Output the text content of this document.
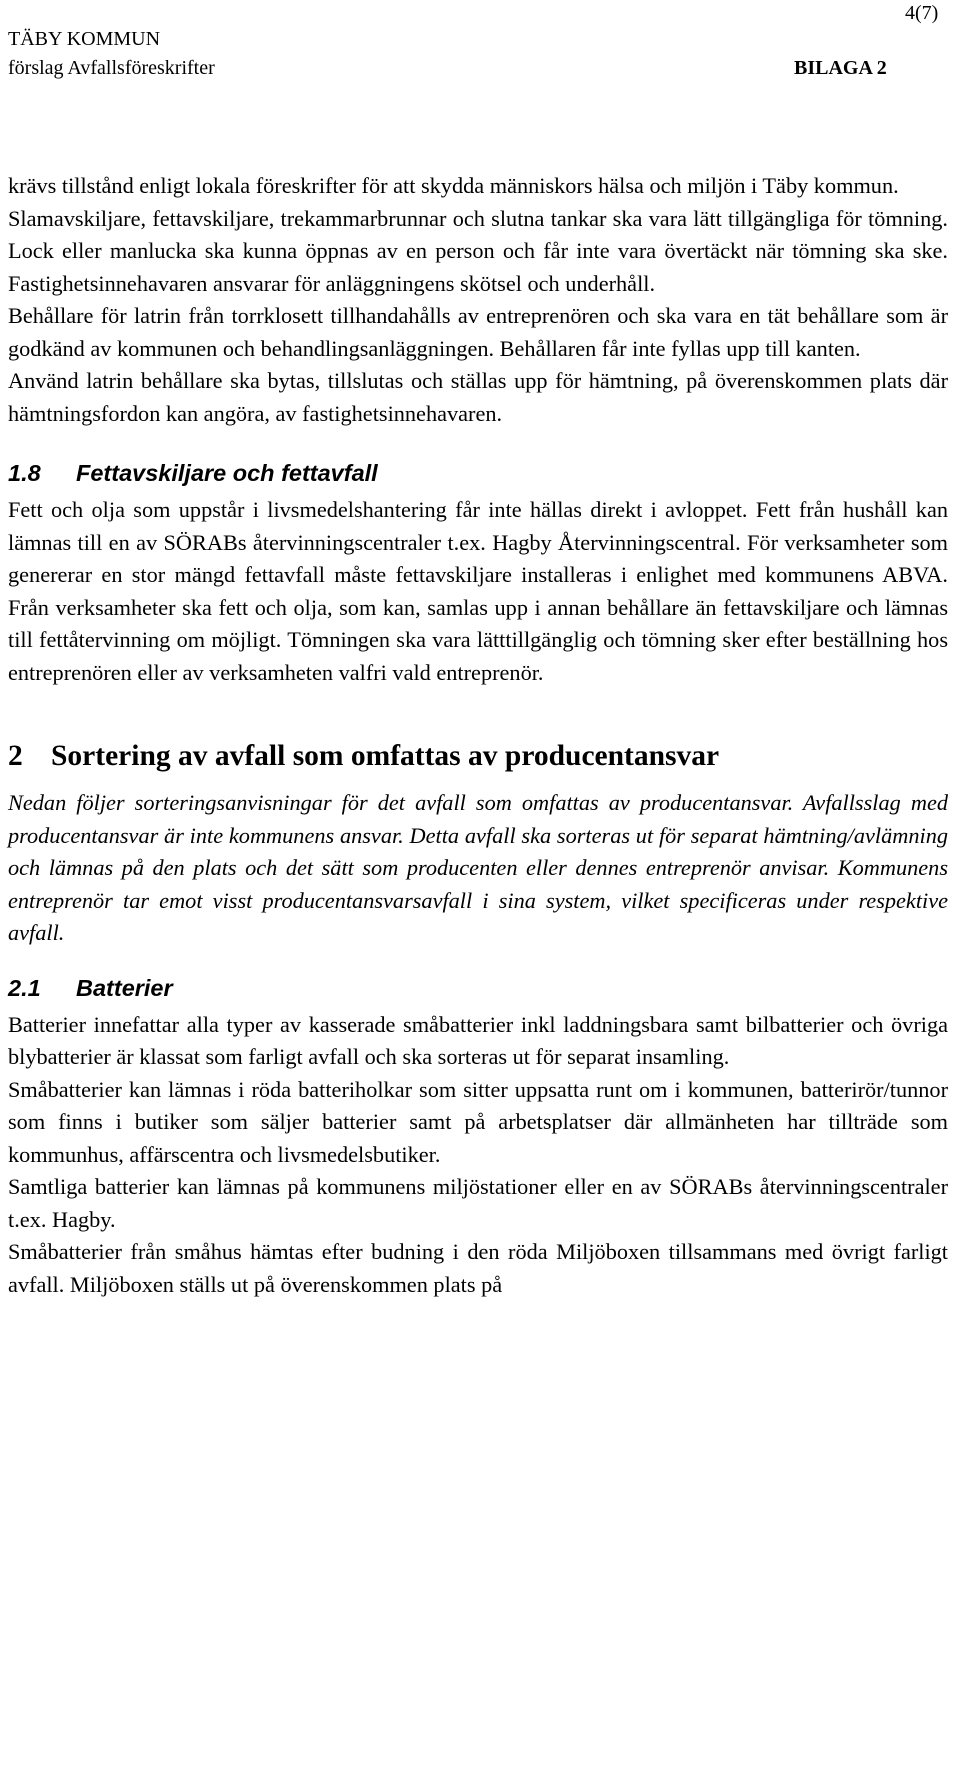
4(7)
TÄBY KOMMUN
förslag Avfallsföreskrifter	BILAGA 2

krävs tillstånd enligt lokala föreskrifter för att skydda människors hälsa och miljön i Täby kommun.

Slamavskiljare, fettavskiljare, trekammarbrunnar och slutna tankar ska vara lätt tillgängliga för tömning. Lock eller manlucka ska kunna öppnas av en person och får inte vara övertäckt när tömning ska ske. Fastighetsinnehavaren ansvarar för anläggningens skötsel och underhåll.

Behållare för latrin från torrklosett tillhandahålls av entreprenören och ska vara en tät behållare som är godkänd av kommunen och behandlingsanläggningen. Behållaren får inte fyllas upp till kanten.

Använd latrin behållare ska bytas, tillslutas och ställas upp för hämtning, på överenskommen plats där hämtningsfordon kan angöra, av fastighetsinnehavaren.

1.8 Fettavskiljare och fettavfall

Fett och olja som uppstår i livsmedelshantering får inte hällas direkt i avloppet. Fett från hushåll kan lämnas till en av SÖRABs återvinningscentraler t.ex. Hagby Återvinningscentral. För verksamheter som genererar en stor mängd fettavfall måste fettavskiljare installeras i enlighet med kommunens ABVA. Från verksamheter ska fett och olja, som kan, samlas upp i annan behållare än fettavskiljare och lämnas till fettåtervinning om möjligt. Tömningen ska vara lätttillgänglig och tömning sker efter beställning hos entreprenören eller av verksamheten valfri vald entreprenör.

2 Sortering av avfall som omfattas av producentansvar

Nedan följer sorteringsanvisningar för det avfall som omfattas av producentansvar. Avfallsslag med producentansvar är inte kommunens ansvar. Detta avfall ska sorteras ut för separat hämtning/avlämning och lämnas på den plats och det sätt som producenten eller dennes entreprenör anvisar. Kommunens entreprenör tar emot visst producentansvarsavfall i sina system, vilket specificeras under respektive avfall.

2.1 Batterier

Batterier innefattar alla typer av kasserade småbatterier inkl laddningsbara samt bilbatterier och övriga blybatterier är klassat som farligt avfall och ska sorteras ut för separat insamling.

Småbatterier kan lämnas i röda batteriholkar som sitter uppsatta runt om i kommunen, batterirör/tunnor som finns i butiker som säljer batterier samt på arbetsplatser där allmänheten har tillträde som kommunhus, affärscentra och livsmedelsbutiker.

Samtliga batterier kan lämnas på kommunens miljöstationer eller en av SÖRABs återvinningscentraler t.ex. Hagby.

Småbatterier från småhus hämtas efter budning i den röda Miljöboxen tillsammans med övrigt farligt avfall. Miljöboxen ställs ut på överenskommen plats på
